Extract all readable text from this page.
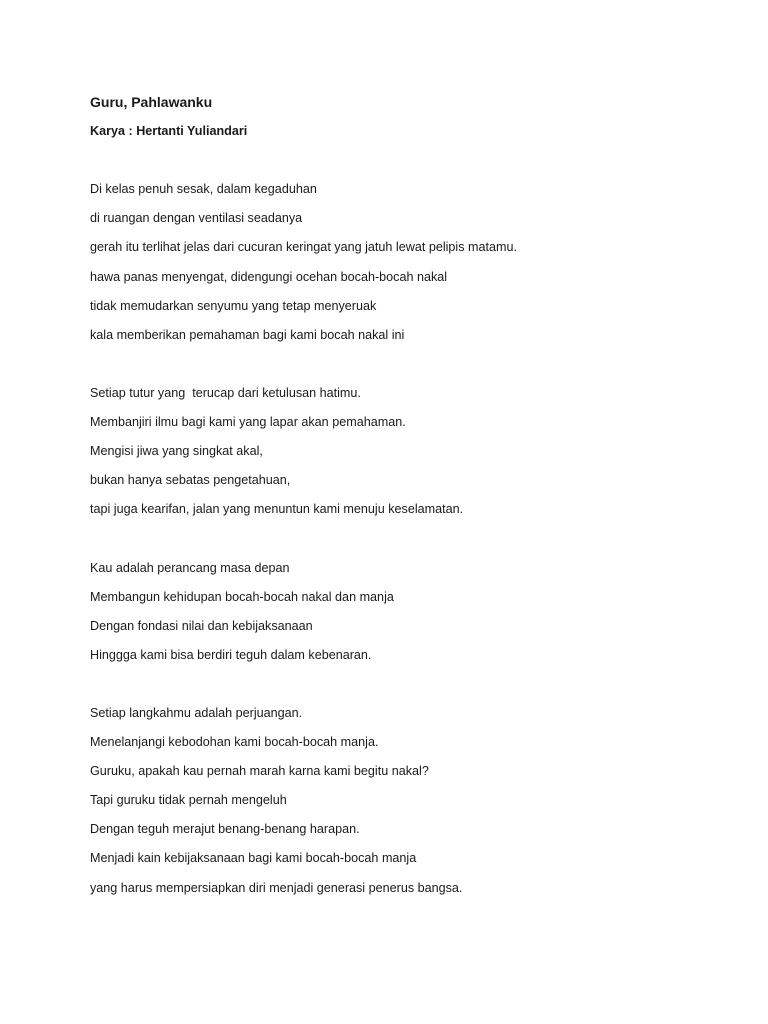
Guru, Pahlawanku
Karya : Hertanti Yuliandari
Di kelas penuh sesak, dalam kegaduhan
di ruangan dengan ventilasi seadanya
gerah itu terlihat jelas dari cucuran keringat yang jatuh lewat pelipis matamu.
hawa panas menyengat, didengungi ocehan bocah-bocah nakal
tidak memudarkan senyumu yang tetap menyeruak
kala memberikan pemahaman bagi kami bocah nakal ini
Setiap tutur yang  terucap dari ketulusan hatimu.
Membanjiri ilmu bagi kami yang lapar akan pemahaman.
Mengisi jiwa yang singkat akal,
bukan hanya sebatas pengetahuan,
tapi juga kearifan, jalan yang menuntun kami menuju keselamatan.
Kau adalah perancang masa depan
Membangun kehidupan bocah-bocah nakal dan manja
Dengan fondasi nilai dan kebijaksanaan
Hinggga kami bisa berdiri teguh dalam kebenaran.
Setiap langkahmu adalah perjuangan.
Menelanjangi kebodohan kami bocah-bocah manja.
Guruku, apakah kau pernah marah karna kami begitu nakal?
Tapi guruku tidak pernah mengeluh
Dengan teguh merajut benang-benang harapan.
Menjadi kain kebijaksanaan bagi kami bocah-bocah manja
yang harus mempersiapkan diri menjadi generasi penerus bangsa.
